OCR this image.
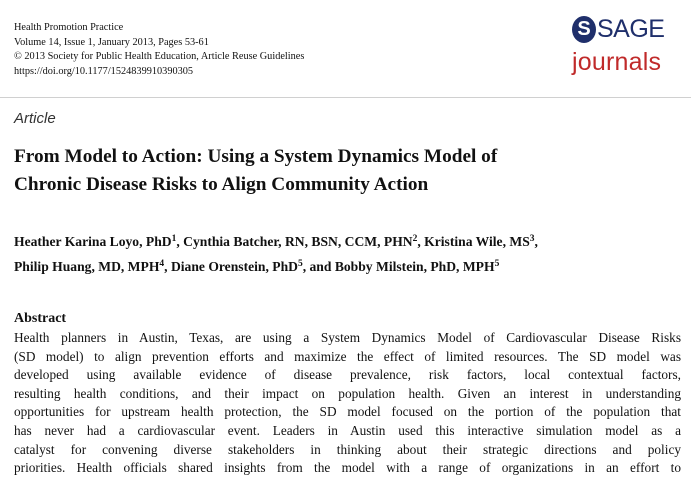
Health Promotion Practice
Volume 14, Issue 1, January 2013, Pages 53-61
© 2013 Society for Public Health Education, Article Reuse Guidelines
https://doi.org/10.1177/1524839910390305
S SAGE
journals
Article
From Model to Action: Using a System Dynamics Model of
Chronic Disease Risks to Align Community Action
Heather Karina Loyo, PhD$^1$, Cynthia Batcher, RN, BSN, CCM, PHN$^2$, Kristina Wile, $MS^3$,
Philip Huang, MD, MPH$^4$, Diane Orenstein, PhD$^5$, and Bobby Milstein, PhD, MPH$^5$
Abstract
Health planners in Austin, Texas, are using a System Dynamics Model of Cardiovascular Disease Risks
(SD model) to align prevention efforts and maximize the effect of limited resources. The SD model was
developed using available evidence of disease prevalence, risk factors, local contextual factors,
resulting health conditions, and their impact on population health. Given an interest in understanding
opportunities for upstream health protection, the SD model focused on the portion of the population that
has never had a cardiovascular event. Leaders in Austin used this interactive simulation model as a
catalyst for convening diverse stakeholders in thinking about their strategic directions and policy
priorities. Health officials shared insights from the model with a range of organizations in an effort to
